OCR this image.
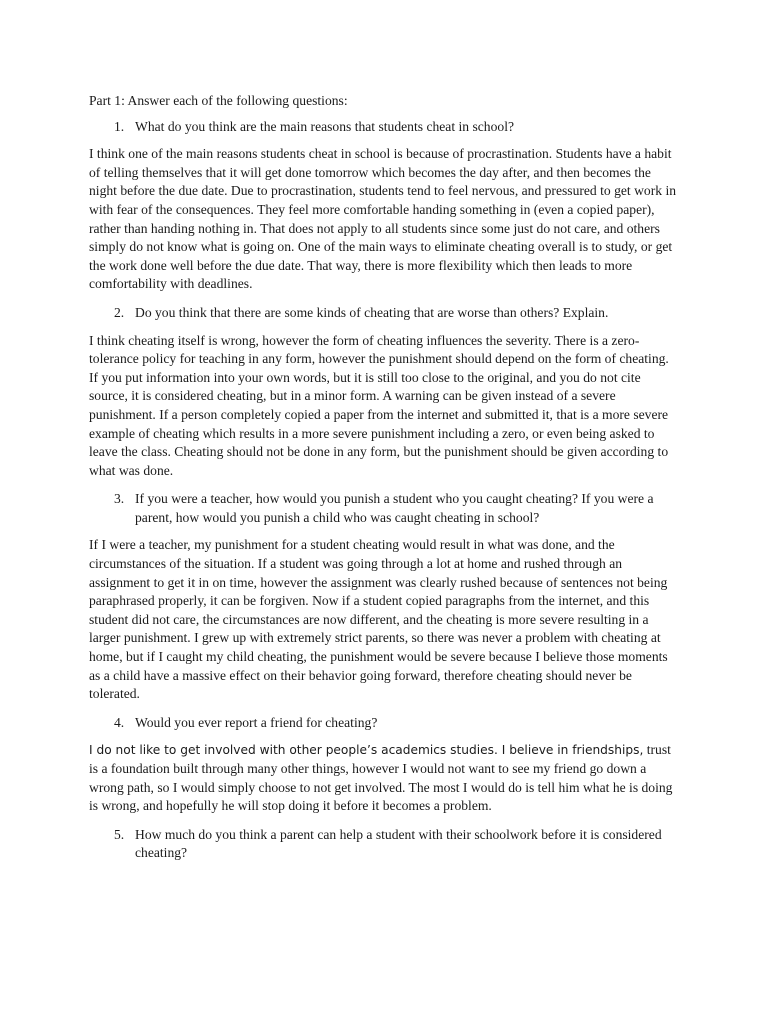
Part 1: Answer each of the following questions:

1. What do you think are the main reasons that students cheat in school?

I think one of the main reasons students cheat in school is because of procrastination. Students have a habit of telling themselves that it will get done tomorrow which becomes the day after, and then becomes the night before the due date. Due to procrastination, students tend to feel nervous, and pressured to get work in with fear of the consequences. They feel more comfortable handing something in (even a copied paper), rather than handing nothing in. That does not apply to all students since some just do not care, and others simply do not know what is going on. One of the main ways to eliminate cheating overall is to study, or get the work done well before the due date. That way, there is more flexibility which then leads to more comfortability with deadlines.

2. Do you think that there are some kinds of cheating that are worse than others? Explain.

I think cheating itself is wrong, however the form of cheating influences the severity. There is a zero-tolerance policy for teaching in any form, however the punishment should depend on the form of cheating. If you put information into your own words, but it is still too close to the original, and you do not cite source, it is considered cheating, but in a minor form. A warning can be given instead of a severe punishment. If a person completely copied a paper from the internet and submitted it, that is a more severe example of cheating which results in a more severe punishment including a zero, or even being asked to leave the class. Cheating should not be done in any form, but the punishment should be given according to what was done.

3. If you were a teacher, how would you punish a student who you caught cheating? If you were a parent, how would you punish a child who was caught cheating in school?

If I were a teacher, my punishment for a student cheating would result in what was done, and the circumstances of the situation. If a student was going through a lot at home and rushed through an assignment to get it in on time, however the assignment was clearly rushed because of sentences not being paraphrased properly, it can be forgiven. Now if a student copied paragraphs from the internet, and this student did not care, the circumstances are now different, and the cheating is more severe resulting in a larger punishment. I grew up with extremely strict parents, so there was never a problem with cheating at home, but if I caught my child cheating, the punishment would be severe because I believe those moments as a child have a massive effect on their behavior going forward, therefore cheating should never be tolerated.

4. Would you ever report a friend for cheating?

I do not like to get involved with other people’s academics studies. I believe in friendships, trust is a foundation built through many other things, however I would not want to see my friend go down a wrong path, so I would simply choose to not get involved. The most I would do is tell him what he is doing is wrong, and hopefully he will stop doing it before it becomes a problem.

5. How much do you think a parent can help a student with their schoolwork before it is considered cheating?
